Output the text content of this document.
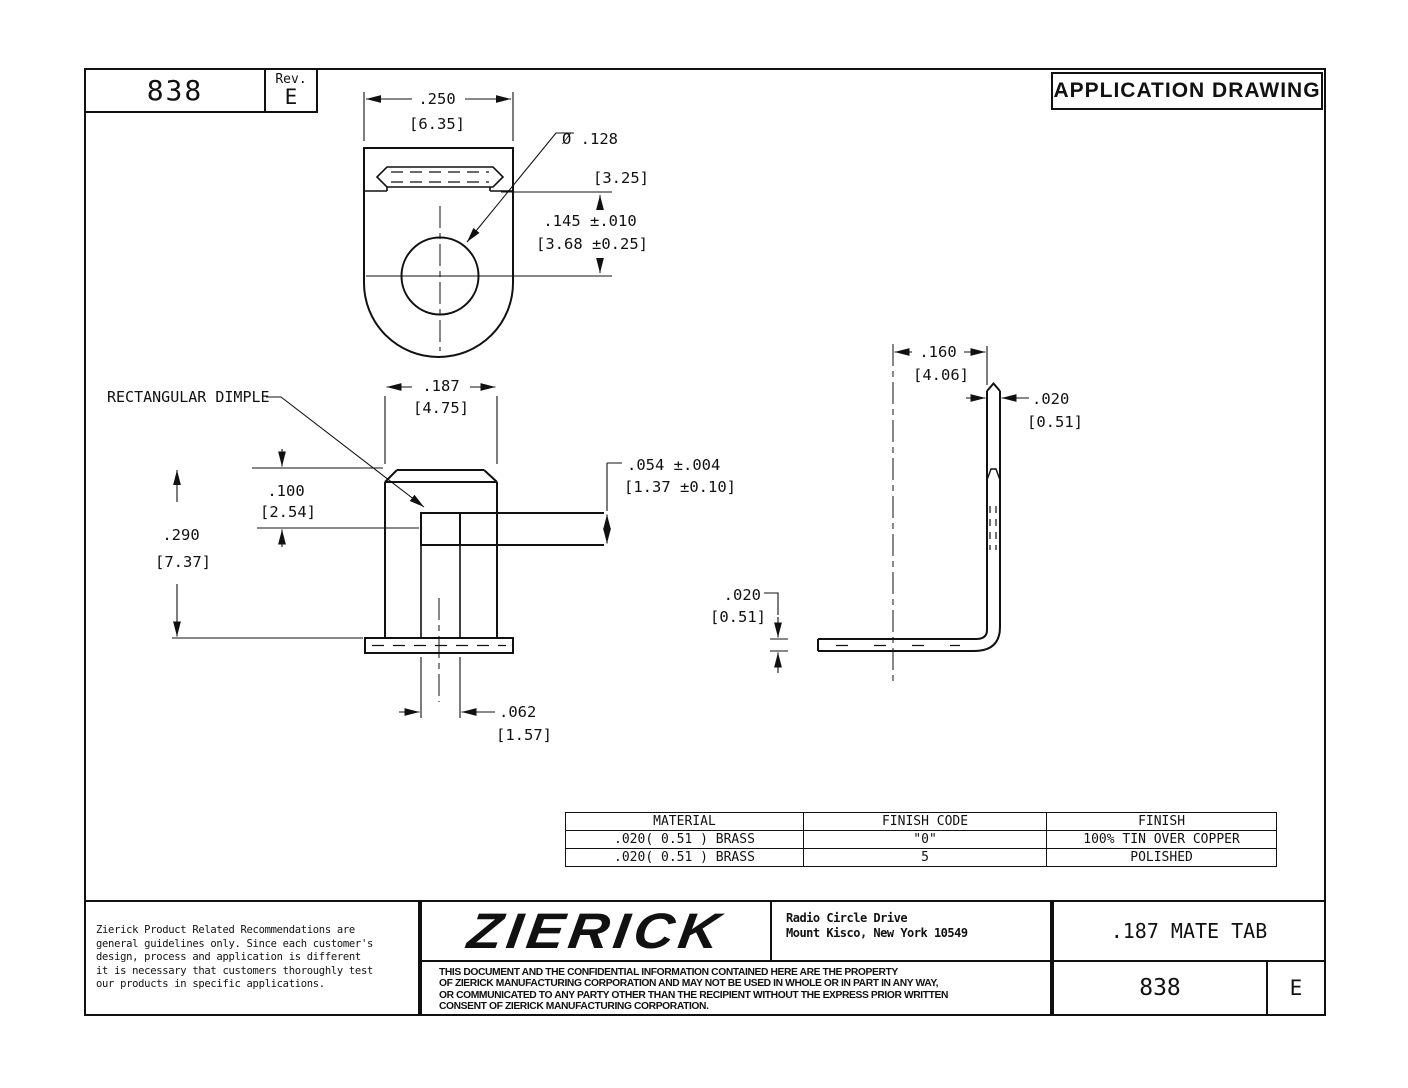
838	Rev.
E	APPLICATION DRAWING
.250
[6.35]
Ø .128
[3.25]
.145 ±.010
[3.68 ±0.25]
.187
[4.75]
.100
[2.54]
.290
[7.37]
.054 ±.004
[1.37 ±0.10]
.062
[1.57]
RECTANGULAR DIMPLE
.160
[4.06]
.020
[0.51]
.020
[0.51]
MATERIAL	FINISH CODE	FINISH
.020( 0.51 ) BRASS	"0"	100% TIN OVER COPPER
.020( 0.51 ) BRASS	5	POLISHED
Zierick Product Related Recommendations are
general guidelines only. Since each customer's
design, process and application is different
it is necessary that customers thoroughly test
our products in specific applications.
ZIERICK	Radio Circle Drive
Mount Kisco, New York 10549
THIS DOCUMENT AND THE CONFIDENTIAL INFORMATION CONTAINED HERE ARE THE PROPERTY
OF ZIERICK MANUFACTURING CORPORATION AND MAY NOT BE USED IN WHOLE OR IN PART IN ANY WAY,
OR COMMUNICATED TO ANY PARTY OTHER THAN THE RECIPIENT WITHOUT THE EXPRESS PRIOR WRITTEN
CONSENT OF ZIERICK MANUFACTURING CORPORATION.
.187 MATE TAB
838	E
